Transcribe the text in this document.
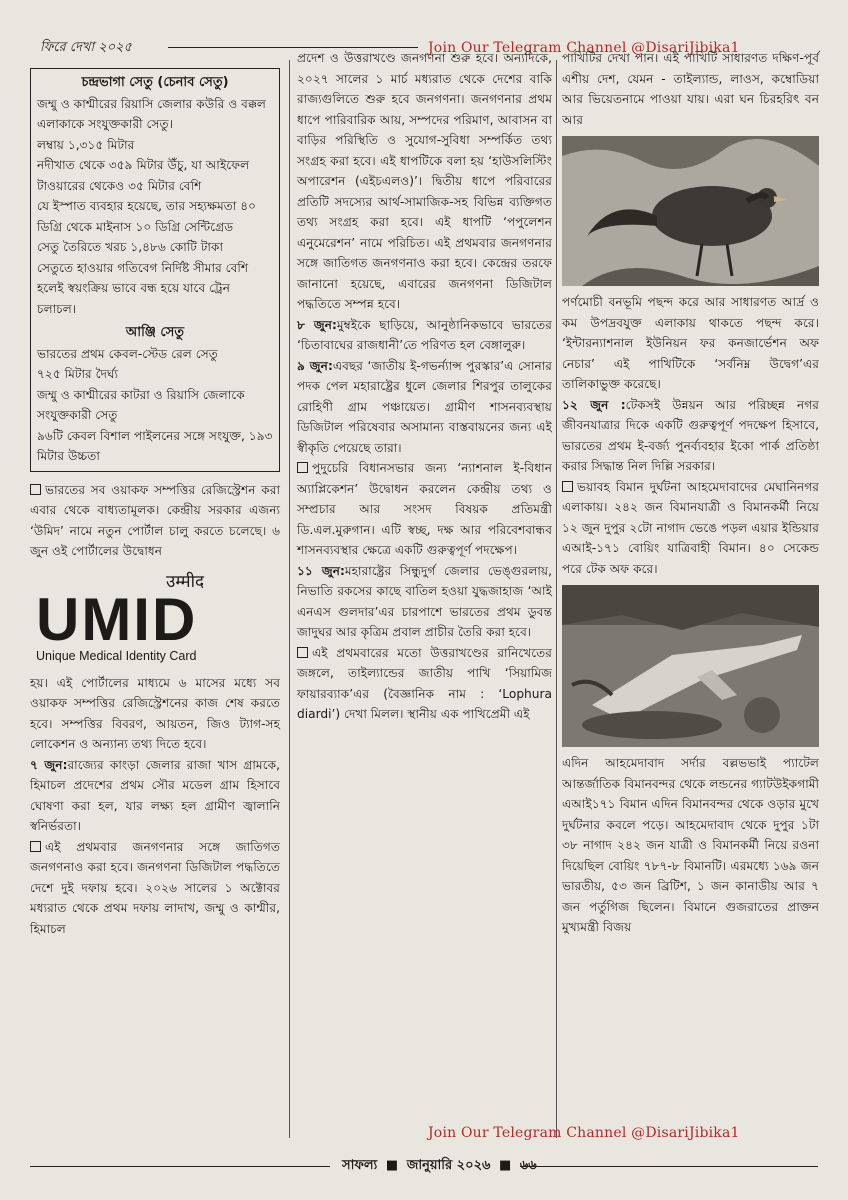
ফিরে দেখা ২০২৫	Join Our Telegram Channel @DisariJibika1
চন্দ্রভাগা সেতু (চেনাব সেতু)

জম্মু ও কাশ্মীরের রিয়াসি জেলার কউরি ও বক্কল এলাকাকে সংযুক্তকারী সেতু।

লম্বায় ১,৩১৫ মিটার

নদীখাত থেকে ৩৫৯ মিটার উঁচু, যা আইফেল টাওয়ারের থেকেও ৩৫ মিটার বেশি

যে ইস্পাত ব্যবহার হয়েছে, তার সহ্যক্ষমতা ৪০ ডিগ্রি থেকে মাইনাস ১০ ডিগ্রি সেন্টিগ্রেড

সেতু তৈরিতে খরচ ১,৪৮৬ কোটি টাকা

সেতুতে হাওয়ার গতিবেগ নির্দিষ্ট সীমার বেশি হলেই স্বয়ংক্রিয় ভাবে বন্ধ হয়ে যাবে ট্রেন চলাচল।

আঞ্জি সেতু

ভারতের প্রথম কেবল-স্টেড রেল সেতু

৭২৫ মিটার দৈর্ঘ্য

জম্মু ও কাশ্মীরের কাটরা ও রিয়াসি জেলাকে সংযুক্তকারী সেতু

৯৬টি কেবল বিশাল পাইলনের সঙ্গে সংযুক্ত, ১৯৩ মিটার উচ্চতা

ভারতের সব ওয়াকফ সম্পত্তির রেজিস্ট্রেশন করা এবার থেকে বাধ্যতামূলক। কেন্দ্রীয় সরকার এজন্য ‘উমিদ’ নামে নতুন পোর্টাল চালু করতে চলেছে। ৬ জুন ওই পোর্টালের উদ্বোধন

उम्मीद
UMID
Unique Medical Identity Card

হয়। এই পোর্টালের মাধ্যমে ৬ মাসের মধ্যে সব ওয়াকফ সম্পত্তির রেজিস্ট্রেশনের কাজ শেষ করতে হবে। সম্পত্তির বিবরণ, আয়তন, জিও ট্যাগ-সহ লোকেশন ও অন্যান্য তথ্য দিতে হবে।

৭ জুন:রাজ্যের কাংড়া জেলার রাজা খাস গ্রামকে, হিমাচল প্রদেশের প্রথম সৌর মডেল গ্রাম হিসাবে ঘোষণা করা হল, যার লক্ষ্য হল গ্রামীণ জ্বালানি স্বনির্ভরতা।

এই প্রথমবার জনগণনার সঙ্গে জাতিগত জনগণনাও করা হবে। জনগণনা ডিজিটাল পদ্ধতিতে দেশে দুই দফায় হবে। ২০২৬ সালের ১ অক্টোবর মধ্যরাত থেকে প্রথম দফায় লাদাখ, জম্মু ও কাশ্মীর, হিমাচল

প্রদেশ ও উত্তরাখণ্ডে জনগণনা শুরু হবে। অন্যদিকে, ২০২৭ সালের ১ মার্চ মধ্যরাত থেকে দেশের বাকি রাজ্যগুলিতে শুরু হবে জনগণনা। জনগণনার প্রথম ধাপে পারিবারিক আয়, সম্পদের পরিমাণ, আবাসন বা বাড়ির পরিস্থিতি ও সুযোগ-সুবিধা সম্পর্কিত তথ্য সংগ্রহ করা হবে। এই ধাপটিকে বলা হয় ‘হাউসলিস্টিং অপারেশন (এইচএলও)’। দ্বিতীয় ধাপে পরিবারের প্রতিটি সদস্যের আর্থ-সামাজিক-সহ বিভিন্ন ব্যক্তিগত তথ্য সংগ্রহ করা হবে। এই ধাপটি ‘পপুলেশন এনুমেরেশন’ নামে পরিচিত। এই প্রথমবার জনগণনার সঙ্গে জাতিগত জনগণনাও করা হবে। কেন্দ্রের তরফে জানানো হয়েছে, এবারের জনগণনা ডিজিটাল পদ্ধতিতে সম্পন্ন হবে।

৮ জুন:মুম্বইকে ছাড়িয়ে, আনুষ্ঠানিকভাবে ভারতের ‘চিতাবাঘের রাজধানী’তে পরিণত হল বেঙ্গালুরু।

৯ জুন:এবছর ‘জাতীয় ই-গভর্ন্যান্স পুরস্কার’এ সোনার পদক পেল মহারাষ্ট্রের ধুলে জেলার শিরপুর তালুকের রোহিণী গ্রাম পঞ্চায়েত। গ্রামীণ শাসনব্যবস্থায় ডিজিটাল পরিষেবার অসামান্য বাস্তবায়নের জন্য এই স্বীকৃতি পেয়েছে তারা।

পুদুচেরি বিধানসভার জন্য ‘ন্যাশনাল ই-বিধান অ্যাপ্লিকেশন’ উদ্বোধন করলেন কেন্দ্রীয় তথ্য ও সম্প্রচার আর সংসদ বিষয়ক প্রতিমন্ত্রী ডি.এল.মুরুগান। এটি স্বচ্ছ, দক্ষ আর পরিবেশবান্ধব শাসনব্যবস্থার ক্ষেত্রে একটি গুরুত্বপূর্ণ পদক্ষেপ।

১১ জুন:মহারাষ্ট্রের সিন্ধুদুর্গ জেলার ভেঙ্গুরলায়, নিভাতি রকসের কাছে বাতিল হওয়া যুদ্ধজাহাজ ‘আই এনএস গুলদার’এর চারপাশে ভারতের প্রথম ডুবন্ত জাদুঘর আর কৃত্রিম প্রবাল প্রাচীর তৈরি করা হবে।

এই প্রথমবারের মতো উত্তরাখণ্ডের রানিখেতের জঙ্গলে, তাইল্যান্ডের জাতীয় পাখি ‘সিয়ামিজ ফায়ারব্যাক’এর (বৈজ্ঞানিক নাম : ‘Lophura diardi’) দেখা মিলল। স্থানীয় এক পাখিপ্রেমী এই

পাখিটির দেখা পান। এই পাখিটি সাধারণত দক্ষিণ-পূর্ব এশীয় দেশ, যেমন - তাইল্যান্ড, লাওস, কম্বোডিয়া আর ভিয়েতনামে পাওয়া যায়। এরা ঘন চিরহরিৎ বন আর

পর্ণমোচী বনভূমি পছন্দ করে আর সাধারণত আর্দ্র ও কম উপদ্রবযুক্ত এলাকায় থাকতে পছন্দ করে। ‘ইন্টারন্যাশনাল ইউনিয়ন ফর কনজার্ভেশন অফ নেচার’ এই পাখিটিকে ‘সর্বনিম্ন উদ্বেগ’এর তালিকাভুক্ত করেছে।

১২ জুন :টেকসই উন্নয়ন আর পরিচ্ছন্ন নগর জীবনযাত্রার দিকে একটি গুরুত্বপূর্ণ পদক্ষেপ হিসাবে, ভারতের প্রথম ই-বর্জ্য পুনর্ব্যবহার ইকো পার্ক প্রতিষ্ঠা করার সিদ্ধান্ত নিল দিল্লি সরকার।

ভয়াবহ বিমান দুর্ঘটনা আহমেদাবাদের মেঘানিনগর এলাকায়। ২৪২ জন বিমানযাত্রী ও বিমানকর্মী নিয়ে ১২ জুন দুপুর ২টো নাগাদ ভেঙে পড়ল এয়ার ইন্ডিয়ার এআই-১৭১ বোয়িং যাত্রিবাহী বিমান। ৪০ সেকেন্ড পরে টেক অফ করে।

এদিন আহমেদাবাদ সর্দার বল্লভভাই প্যাটেল আন্তর্জাতিক বিমানবন্দর থেকে লন্ডনের গ্যাটউইকগামী এআই১৭১ বিমান এদিন বিমানবন্দর থেকে ওড়ার মুখে দুর্ঘটনার কবলে পড়ে। আহমেদাবাদ থেকে দুপুর ১টা ৩৮ নাগাদ ২৪২ জন যাত্রী ও বিমানকর্মী নিয়ে রওনা দিয়েছিল বোয়িং ৭৮৭-৮ বিমানটি। এরমধ্যে ১৬৯ জন ভারতীয়, ৫৩ জন ব্রিটিশ, ১ জন কানাডীয় আর ৭ জন পর্তুগিজ ছিলেন। বিমানে গুজরাতের প্রাক্তন মুখ্যমন্ত্রী বিজয়

Join Our Telegram Channel @DisariJibika1
সাফল্য ■ জানুয়ারি ২০২৬ ■ ৬৬
